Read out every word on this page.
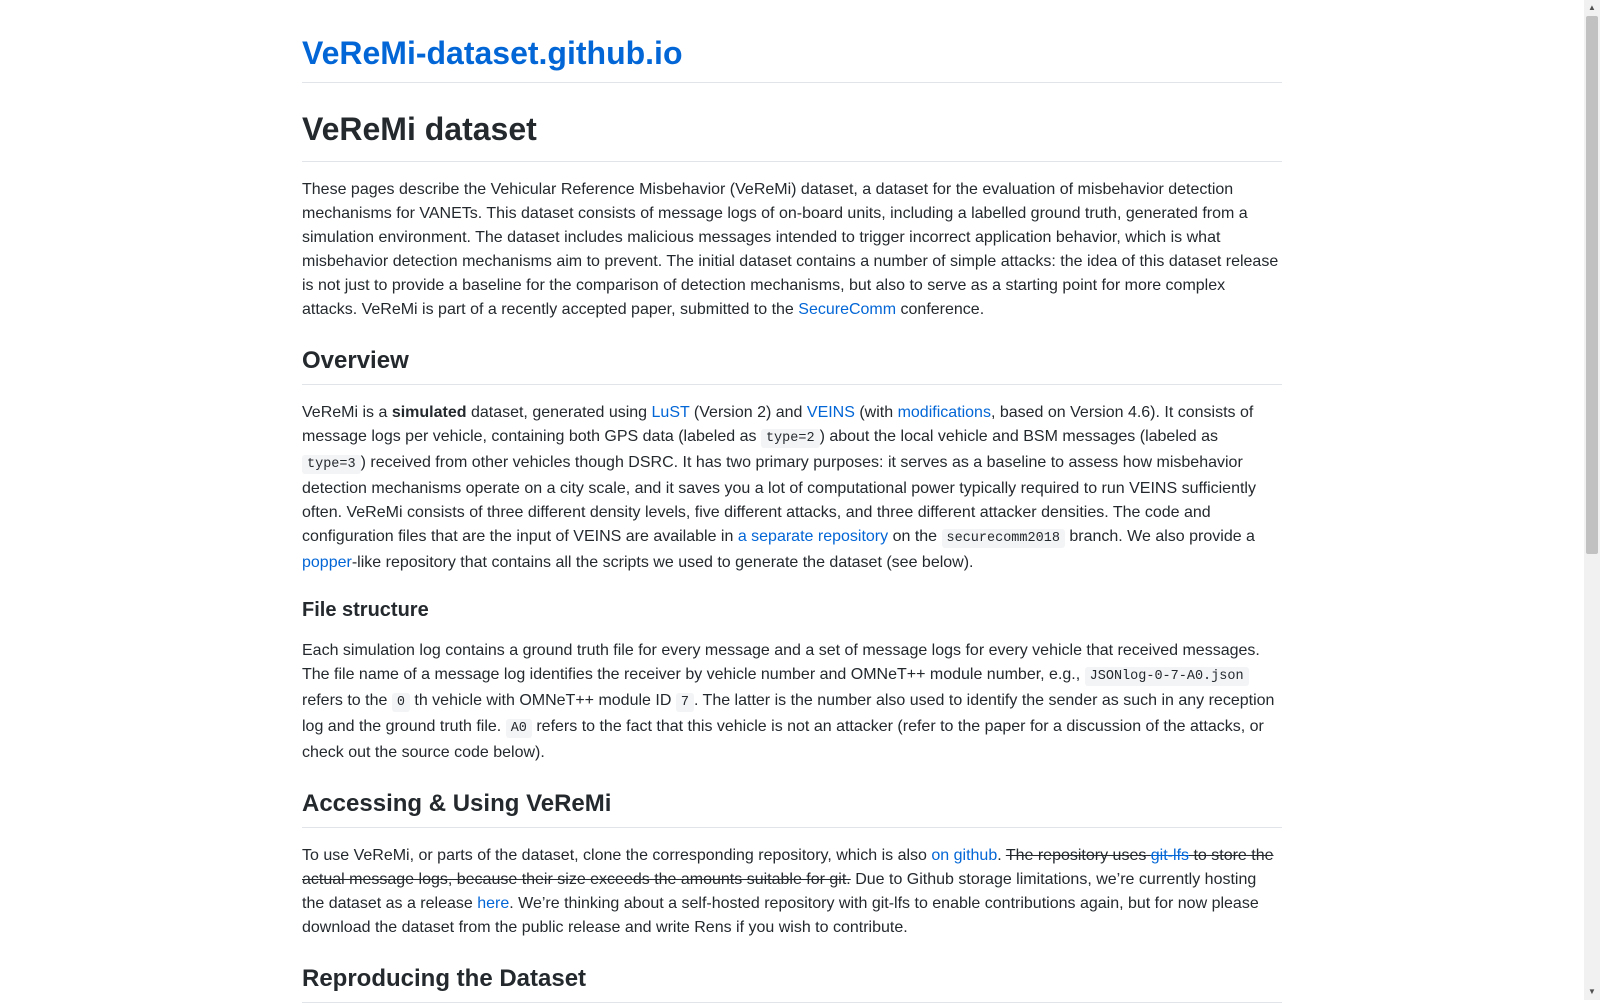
VeReMi-dataset.github.io
VeReMi dataset

These pages describe the Vehicular Reference Misbehavior (VeReMi) dataset, a dataset for the evaluation of misbehavior detection mechanisms for VANETs. This dataset consists of message logs of on-board units, including a labelled ground truth, generated from a simulation environment. The dataset includes malicious messages intended to trigger incorrect application behavior, which is what misbehavior detection mechanisms aim to prevent. The initial dataset contains a number of simple attacks: the idea of this dataset release is not just to provide a baseline for the comparison of detection mechanisms, but also to serve as a starting point for more complex attacks. VeReMi is part of a recently accepted paper, submitted to the SecureComm conference.

Overview

VeReMi is a simulated dataset, generated using LuST (Version 2) and VEINS (with modifications, based on Version 4.6). It consists of message logs per vehicle, containing both GPS data (labeled as type=2 ) about the local vehicle and BSM messages (labeled as type=3 ) received from other vehicles though DSRC. It has two primary purposes: it serves as a baseline to assess how misbehavior detection mechanisms operate on a city scale, and it saves you a lot of computational power typically required to run VEINS sufficiently often. VeReMi consists of three different density levels, five different attacks, and three different attacker densities. The code and configuration files that are the input of VEINS are available in a separate repository on the securecomm2018 branch. We also provide a popper-like repository that contains all the scripts we used to generate the dataset (see below).

File structure

Each simulation log contains a ground truth file for every message and a set of message logs for every vehicle that received messages. The file name of a message log identifies the receiver by vehicle number and OMNeT++ module number, e.g., JSONlog-0-7-A0.json refers to the 0 th vehicle with OMNeT++ module ID 7 . The latter is the number also used to identify the sender as such in any reception log and the ground truth file. A0 refers to the fact that this vehicle is not an attacker (refer to the paper for a discussion of the attacks, or check out the source code below).

Accessing & Using VeReMi

To use VeReMi, or parts of the dataset, clone the corresponding repository, which is also on github. The repository uses git-lfs to store the actual message logs, because their size exceeds the amounts suitable for git. Due to Github storage limitations, we’re currently hosting the dataset as a release here. We’re thinking about a self-hosted repository with git-lfs to enable contributions again, but for now please download the dataset from the public release and write Rens if you wish to contribute.

Reproducing the Dataset
▲
▼
